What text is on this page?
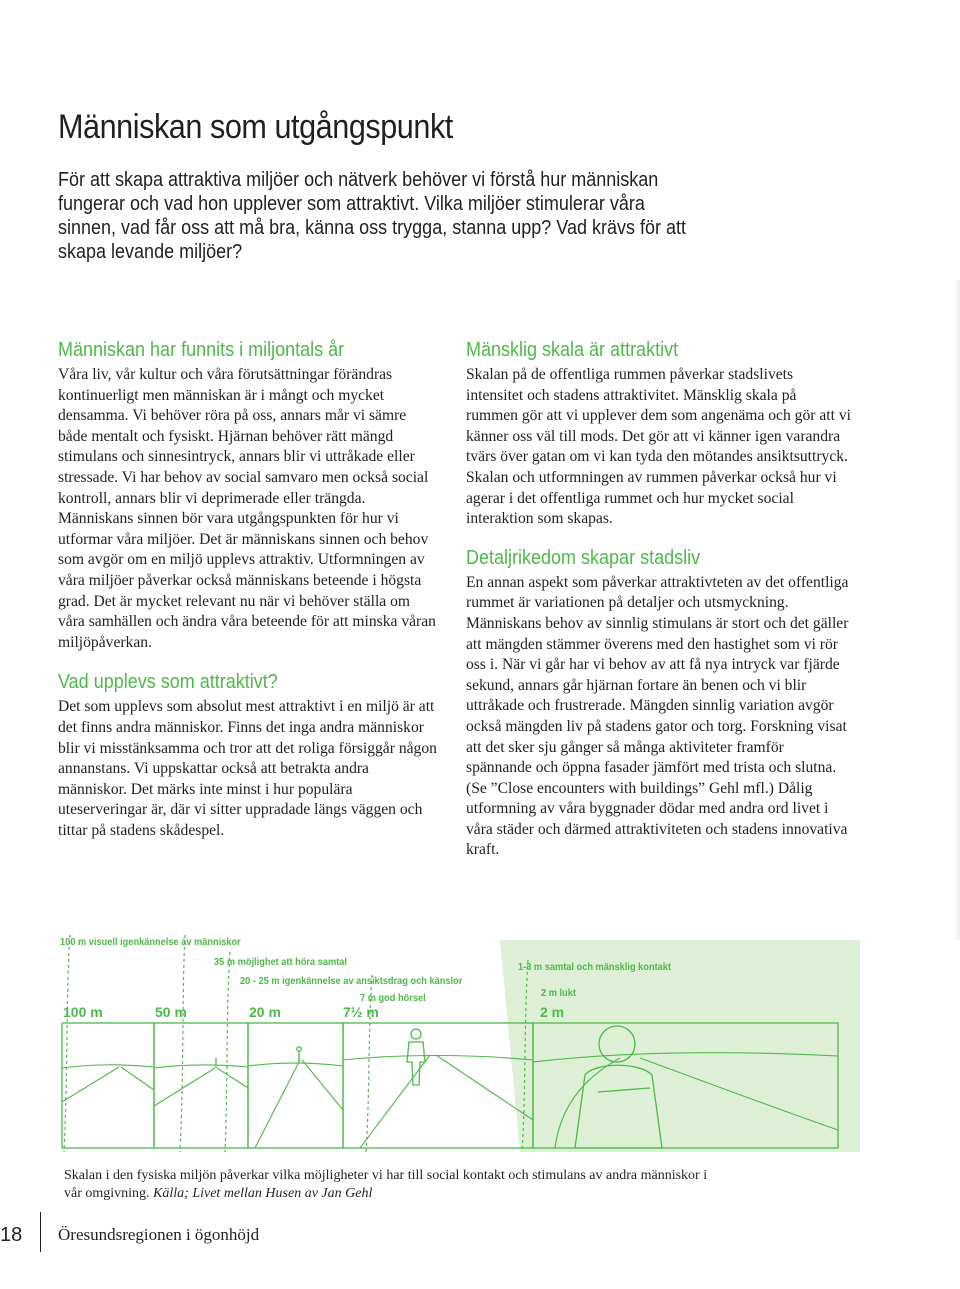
Människan som utgångspunkt
För att skapa attraktiva miljöer och nätverk behöver vi förstå hur människan fungerar och vad hon upplever som attraktivt. Vilka miljöer stimulerar våra sinnen, vad får oss att må bra, känna oss trygga, stanna upp? Vad krävs för att skapa levande miljöer?
Människan har funnits i miljontals år

Våra liv, vår kultur och våra förutsättningar förändras kontinuerligt men människan är i mångt och mycket densamma. Vi behöver röra på oss, annars mår vi sämre både mentalt och fysiskt. Hjärnan behöver rätt mängd stimulans och sinnesintryck, annars blir vi uttråkade eller stressade. Vi har behov av social samvaro men också social kontroll, annars blir vi deprimerade eller trängda. Människans sinnen bör vara utgångspunkten för hur vi utformar våra miljöer. Det är människans sinnen och behov som avgör om en miljö upplevs attraktiv. Utformningen av våra miljöer påverkar också människans beteende i högsta grad. Det är mycket relevant nu när vi behöver ställa om våra samhällen och ändra våra beteende för att minska våran miljöpåverkan.

Vad upplevs som attraktivt?

Det som upplevs som absolut mest attraktivt i en miljö är att det finns andra människor. Finns det inga andra människor blir vi misstänksamma och tror att det roliga försiggår någon annanstans. Vi uppskattar också att betrakta andra människor. Det märks inte minst i hur populära uteserveringar är, där vi sitter uppradade längs väggen och tittar på stadens skådespel.

Mänsklig skala är attraktivt

Skalan på de offentliga rummen påverkar stadslivets intensitet och stadens attraktivitet. Mänsklig skala på rummen gör att vi upplever dem som angenäma och gör att vi känner oss väl till mods. Det gör att vi känner igen varandra tvärs över gatan om vi kan tyda den mötandes ansiktsuttryck. Skalan och utformningen av rummen påverkar också hur vi agerar i det offentliga rummet och hur mycket social interaktion som skapas.

Detaljrikedom skapar stadsliv

En annan aspekt som påverkar attraktivteten av det offentliga rummet är variationen på detaljer och utsmyckning. Människans behov av sinnlig stimulans är stort och det gäller att mängden stämmer överens med den hastighet som vi rör oss i. När vi går har vi behov av att få nya intryck var fjärde sekund, annars går hjärnan fortare än benen och vi blir uttråkade och frustrerade. Mängden sinnlig variation avgör också mängden liv på stadens gator och torg. Forskning visat att det sker sju gånger så många aktiviteter framför spännande och öppna fasader jämfört med trista och slutna. (Se ”Close encounters with buildings” Gehl mfl.) Dålig utformning av våra byggnader dödar med andra ord livet i våra städer och därmed attraktiviteten och stadens innovativa kraft.

100 m visuell igenkännelse av människor
35 m möjlighet att höra samtal
20 - 25 m igenkännelse av ansiktsdrag och känslor
7 m god hörsel
1-3 m samtal och mänsklig kontakt
2 m lukt
100 m	50 m	20 m	7½ m	2 m
Skalan i den fysiska miljön påverkar vilka möjligheter vi har till social kontakt och stimulans av andra människor i vår omgivning. Källa; Livet mellan Husen av Jan Gehl
18 Öresundsregionen i ögonhöjd
